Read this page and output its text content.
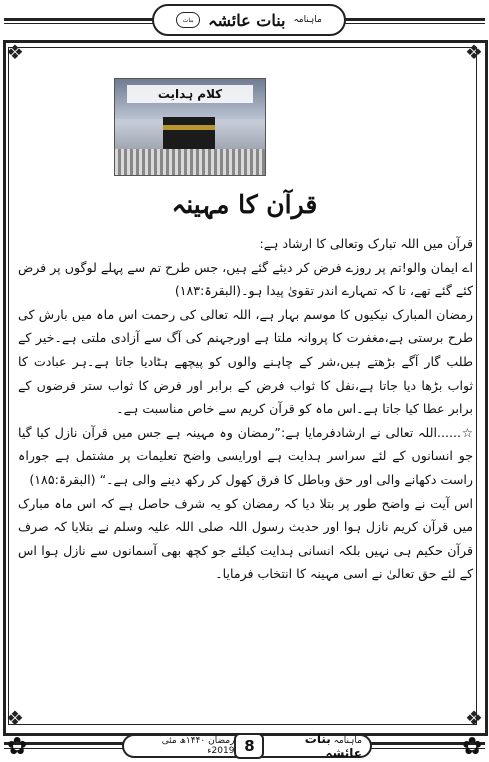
ماہنامہ
بنات عائشہ
بنات
❖	❖
❖	❖
کلام ہدایت
قرآن کا مہینہ

قرآن میں اللہ تبارک وتعالی کا ارشاد ہے:

اے ایمان والو!تم پر روزے فرض کر دیئے گئے ہیں، جس طرح تم سے پہلے لوگوں پر فرض کئے گئے تھے، تا کہ تمہارے اندر تقویٰ پیدا ہو۔(البقرۃ:۱۸۳)

رمضان المبارک نیکیوں کا موسم بہار ہے، اللہ تعالی کی رحمت اس ماہ میں بارش کی طرح برستی ہے،مغفرت کا پروانہ ملتا ہے اورجہنم کی آگ سے آزادی ملتی ہے۔خیر کے طلب گار آگے بڑھتے ہیں،شر کے چاہنے والوں کو پیچھے ہٹادیا جاتا ہے۔ہر عبادت کا ثواب بڑھا دیا جاتا ہے،نفل کا ثواب فرض کے برابر اور فرض کا ثواب ستر فرضوں کے برابر عطا کیا جاتا ہے۔اس ماہ کو قرآن کریم سے خاص مناسبت ہے۔

☆......اللہ تعالی نے ارشادفرمایا ہے:”رمضان وہ مہینہ ہے جس میں قرآن نازل کیا گیا جو انسانوں کے لئے سراسر ہدایت ہے اورایسی واضح تعلیمات پر مشتمل ہے جوراہ راست دکھانے والی اور حق وباطل کا فرق کھول کر رکھ دینے والی ہے۔“ (البقرۃ:۱۸۵)

اس آیت نے واضح طور پر بتلا دیا کہ رمضان کو یہ شرف حاصل ہے کہ اس ماہ مبارک میں قرآن کریم نازل ہوا اور حدیث رسول اللہ صلی اللہ علیہ وسلم نے بتلایا کہ صرف قرآن حکیم ہی نہیں بلکہ انسانی ہدایت کیلئے جو کچھ بھی آسمانوں سے نازل ہوا اس کے لئے حق تعالیٰ نے اسی مہینہ کا انتخاب فرمایا۔

✿	✿
ماہنامہ بنات عائشہ
8
رمضان ۱۴۴۰ھ مئی 2019ء
